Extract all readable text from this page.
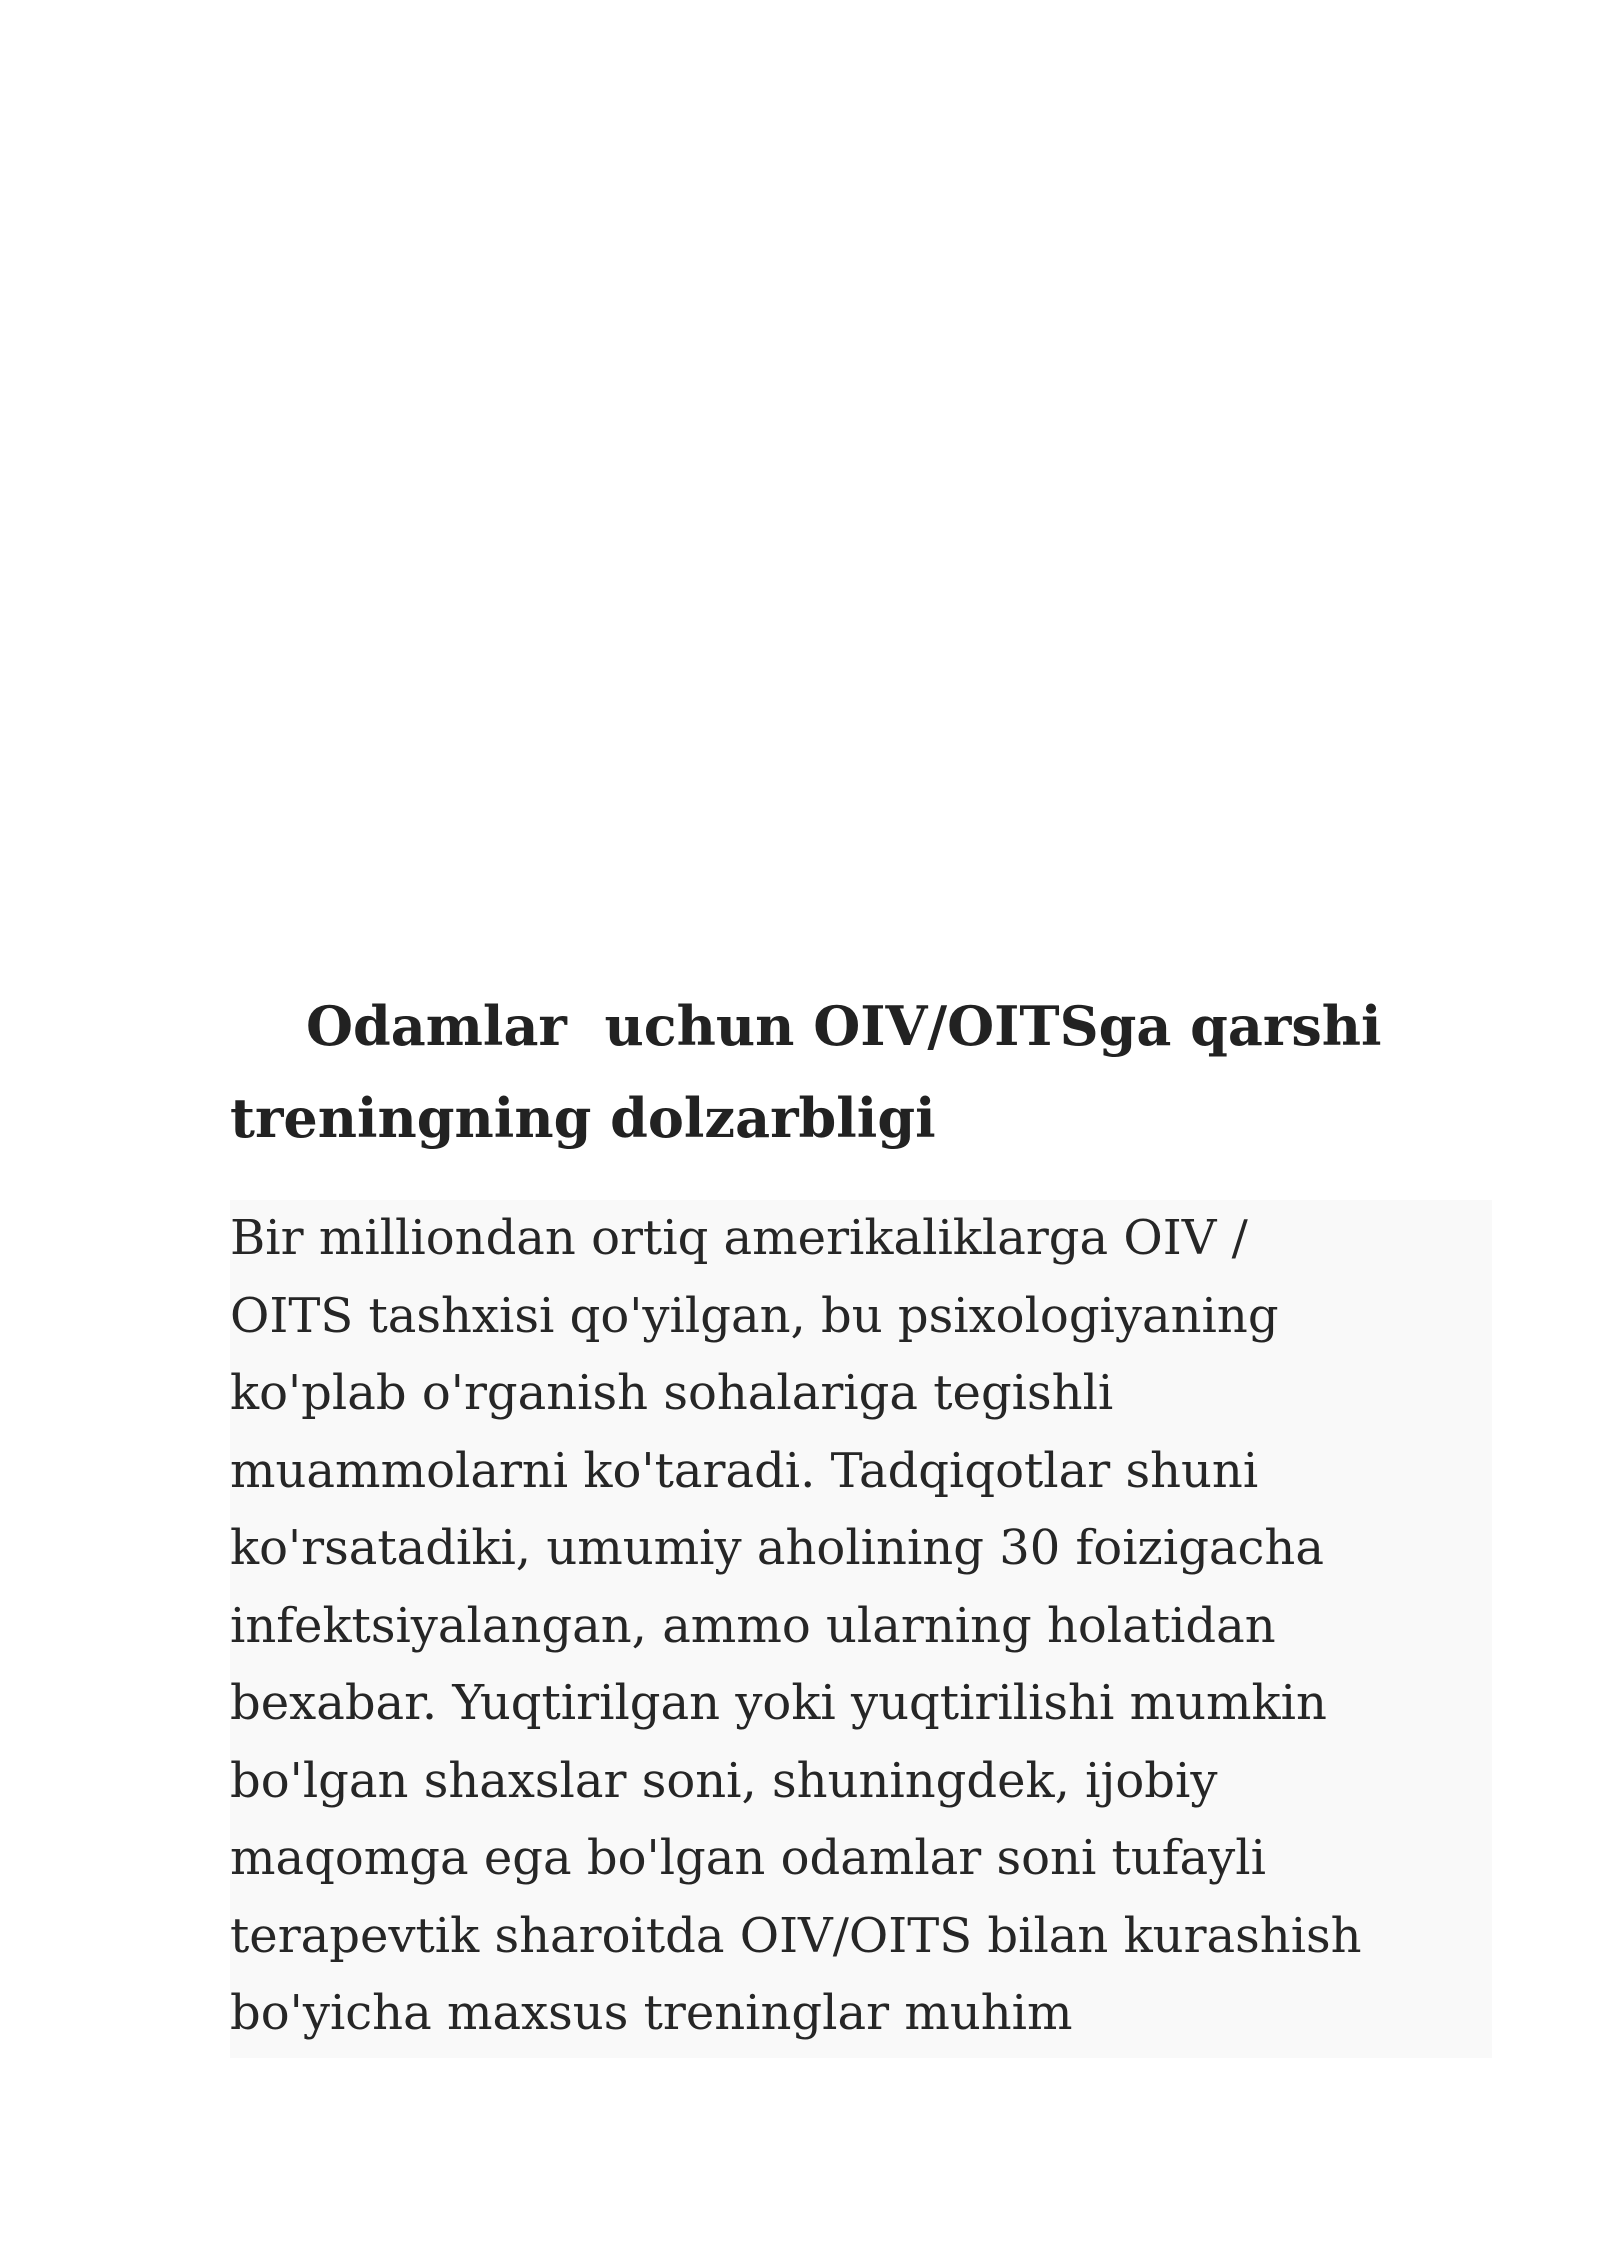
Odamlar  uchun OIV/OITSga qarshi
treningning dolzarbligi

Bir milliondan ortiq amerikaliklarga OIV /
OITS tashxisi qo'yilgan, bu psixologiyaning
ko'plab o'rganish sohalariga tegishli
muammolarni ko'taradi. Tadqiqotlar shuni
ko'rsatadiki, umumiy aholining 30 foizigacha
infektsiyalangan, ammo ularning holatidan
bexabar. Yuqtirilgan yoki yuqtirilishi mumkin
bo'lgan shaxslar soni, shuningdek, ijobiy
maqomga ega bo'lgan odamlar soni tufayli
terapevtik sharoitda OIV/OITS bilan kurashish
bo'yicha maxsus treninglar muhim
